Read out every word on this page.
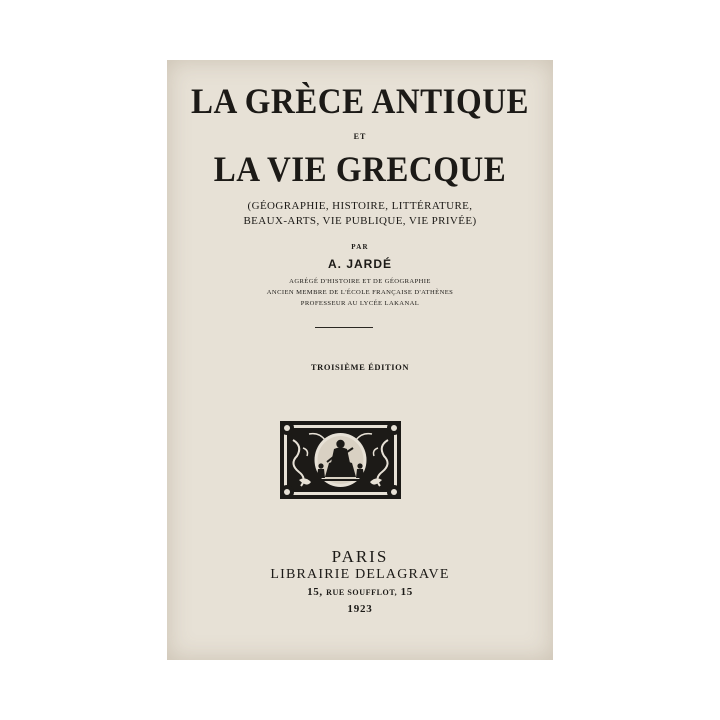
LA GRÈCE ANTIQUE
ET
LA VIE GRECQUE
(GÉOGRAPHIE, HISTOIRE, LITTÉRATURE,
BEAUX-ARTS, VIE PUBLIQUE, VIE PRIVÉE)
PAR
A. JARDÉ
AGRÉGÉ D'HISTOIRE ET DE GÉOGRAPHIE
ANCIEN MEMBRE DE L'ÉCOLE FRANÇAISE D'ATHÈNES
PROFESSEUR AU LYCÉE LAKANAL
TROISIÈME ÉDITION
PARIS
LIBRAIRIE DELAGRAVE
15, RUE SOUFFLOT, 15
1923
